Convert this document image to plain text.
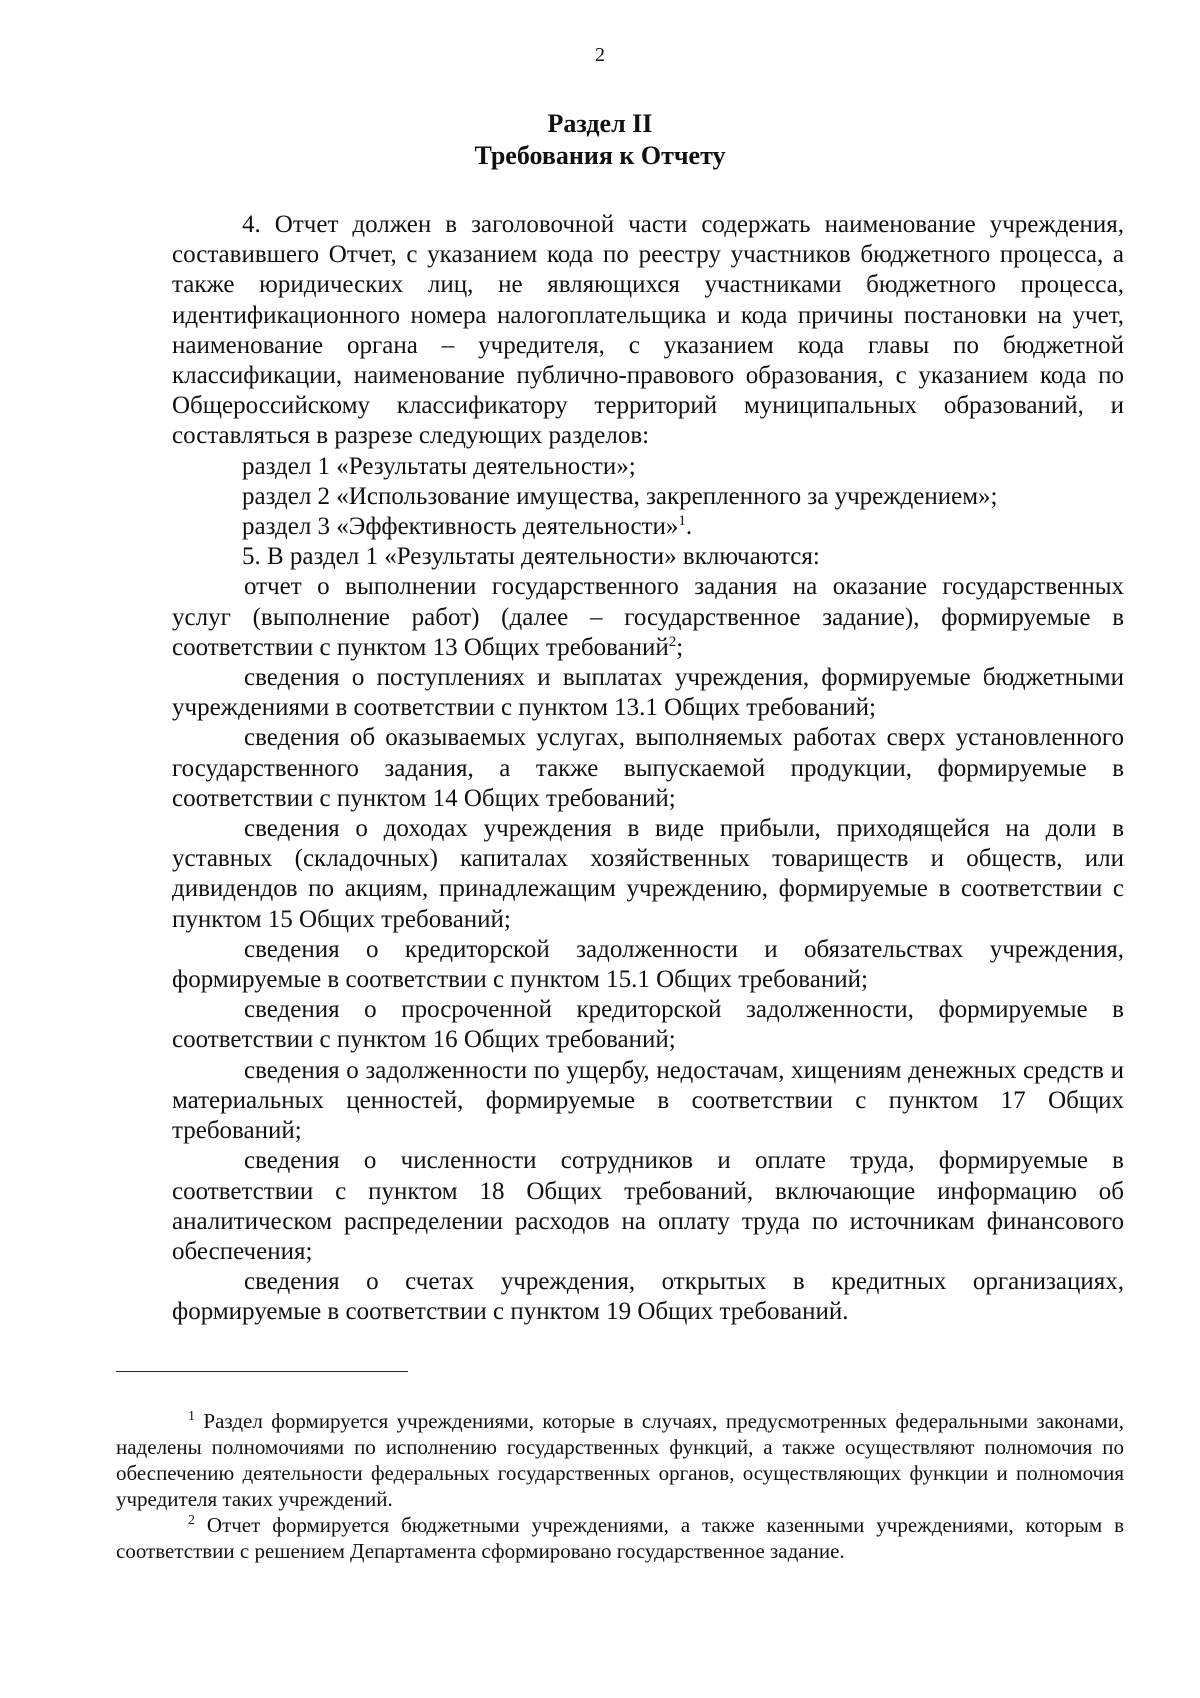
2
Раздел II
Требования к Отчету

4. Отчет должен в заголовочной части содержать наименование учреждения, составившего Отчет, с указанием кода по реестру участников бюджетного процесса, а также юридических лиц, не являющихся участниками бюджетного процесса, идентификационного номера налогоплательщика и кода причины постановки на учет, наименование органа – учредителя, с указанием кода главы по бюджетной классификации, наименование публично-правового образования, с указанием кода по Общероссийскому классификатору территорий муниципальных образований, и составляться в разрезе следующих разделов:

раздел 1 «Результаты деятельности»;

раздел 2 «Использование имущества, закрепленного за учреждением»;

раздел 3 «Эффективность деятельности»$^1$.

5. В раздел 1 «Результаты деятельности» включаются:

отчет о выполнении государственного задания на оказание государственных услуг (выполнение работ) (далее – государственное задание), формируемые в соответствии с пунктом 13 Общих требований$^2$;

сведения о поступлениях и выплатах учреждения, формируемые бюджетными учреждениями в соответствии с пунктом 13.1 Общих требований;

сведения об оказываемых услугах, выполняемых работах сверх установленного государственного задания, а также выпускаемой продукции, формируемые в соответствии с пунктом 14 Общих требований;

сведения о доходах учреждения в виде прибыли, приходящейся на доли в уставных (складочных) капиталах хозяйственных товариществ и обществ, или дивидендов по акциям, принадлежащим учреждению, формируемые в соответствии с пунктом 15 Общих требований;

сведения о кредиторской задолженности и обязательствах учреждения, формируемые в соответствии с пунктом 15.1 Общих требований;

сведения о просроченной кредиторской задолженности, формируемые в соответствии с пунктом 16 Общих требований;

сведения о задолженности по ущербу, недостачам, хищениям денежных средств и материальных ценностей, формируемые в соответствии с пунктом 17 Общих требований;

сведения о численности сотрудников и оплате труда, формируемые в соответствии с пунктом 18 Общих требований, включающие информацию об аналитическом распределении расходов на оплату труда по источникам финансового обеспечения;

сведения о счетах учреждения, открытых в кредитных организациях, формируемые в соответствии с пунктом 19 Общих требований.

$^1$ Раздел формируется учреждениями, которые в случаях, предусмотренных федеральными законами, наделены полномочиями по исполнению государственных функций, а также осуществляют полномочия по обеспечению деятельности федеральных государственных органов, осуществляющих функции и полномочия учредителя таких учреждений.

$^2$ Отчет формируется бюджетными учреждениями, а также казенными учреждениями, которым в соответствии с решением Департамента сформировано государственное задание.
